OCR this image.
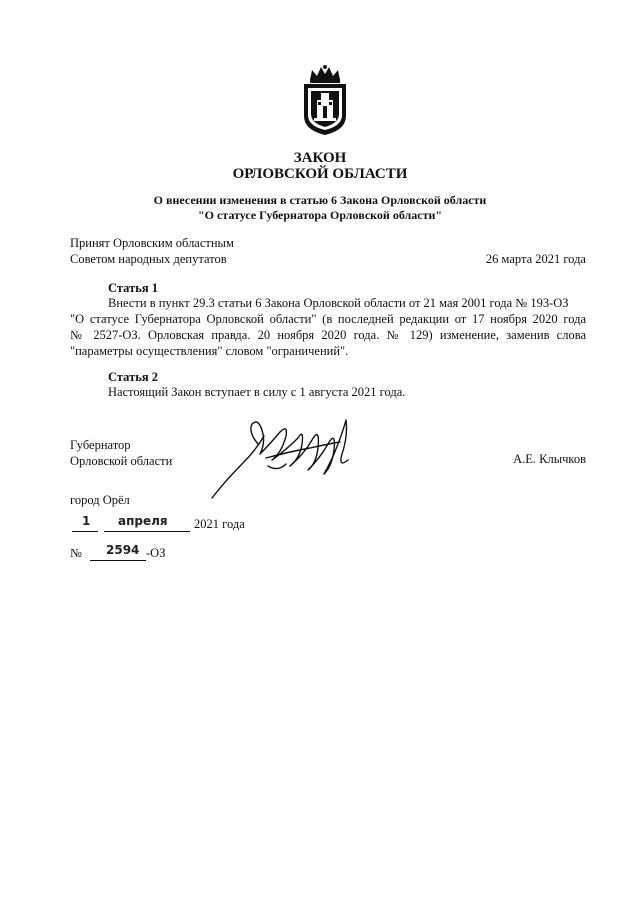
ЗАКОН
ОРЛОВСКОЙ ОБЛАСТИ
О внесении изменения в статью 6 Закона Орловской области
"О статусе Губернатора Орловской области"
Принят Орловским областным
Советом народных депутатов	26 марта 2021 года
Статья 1
Внести в пункт 29.3 статьи 6 Закона Орловской области от 21 мая 2001 года № 193-ОЗ
"О статусе Губернатора Орловской области" (в последней редакции от 17 ноября 2020 года
№ 2527-ОЗ. Орловская правда. 20 ноября 2020 года. № 129) изменение, заменив слова
"параметры осуществления" словом "ограничений".
Статья 2
Настоящий Закон вступает в силу с 1 августа 2021 года.
Губернатор
Орловской области	А.Е. Клычков
город Орёл
1 апреля 2021 года
№ 2594 -ОЗ
